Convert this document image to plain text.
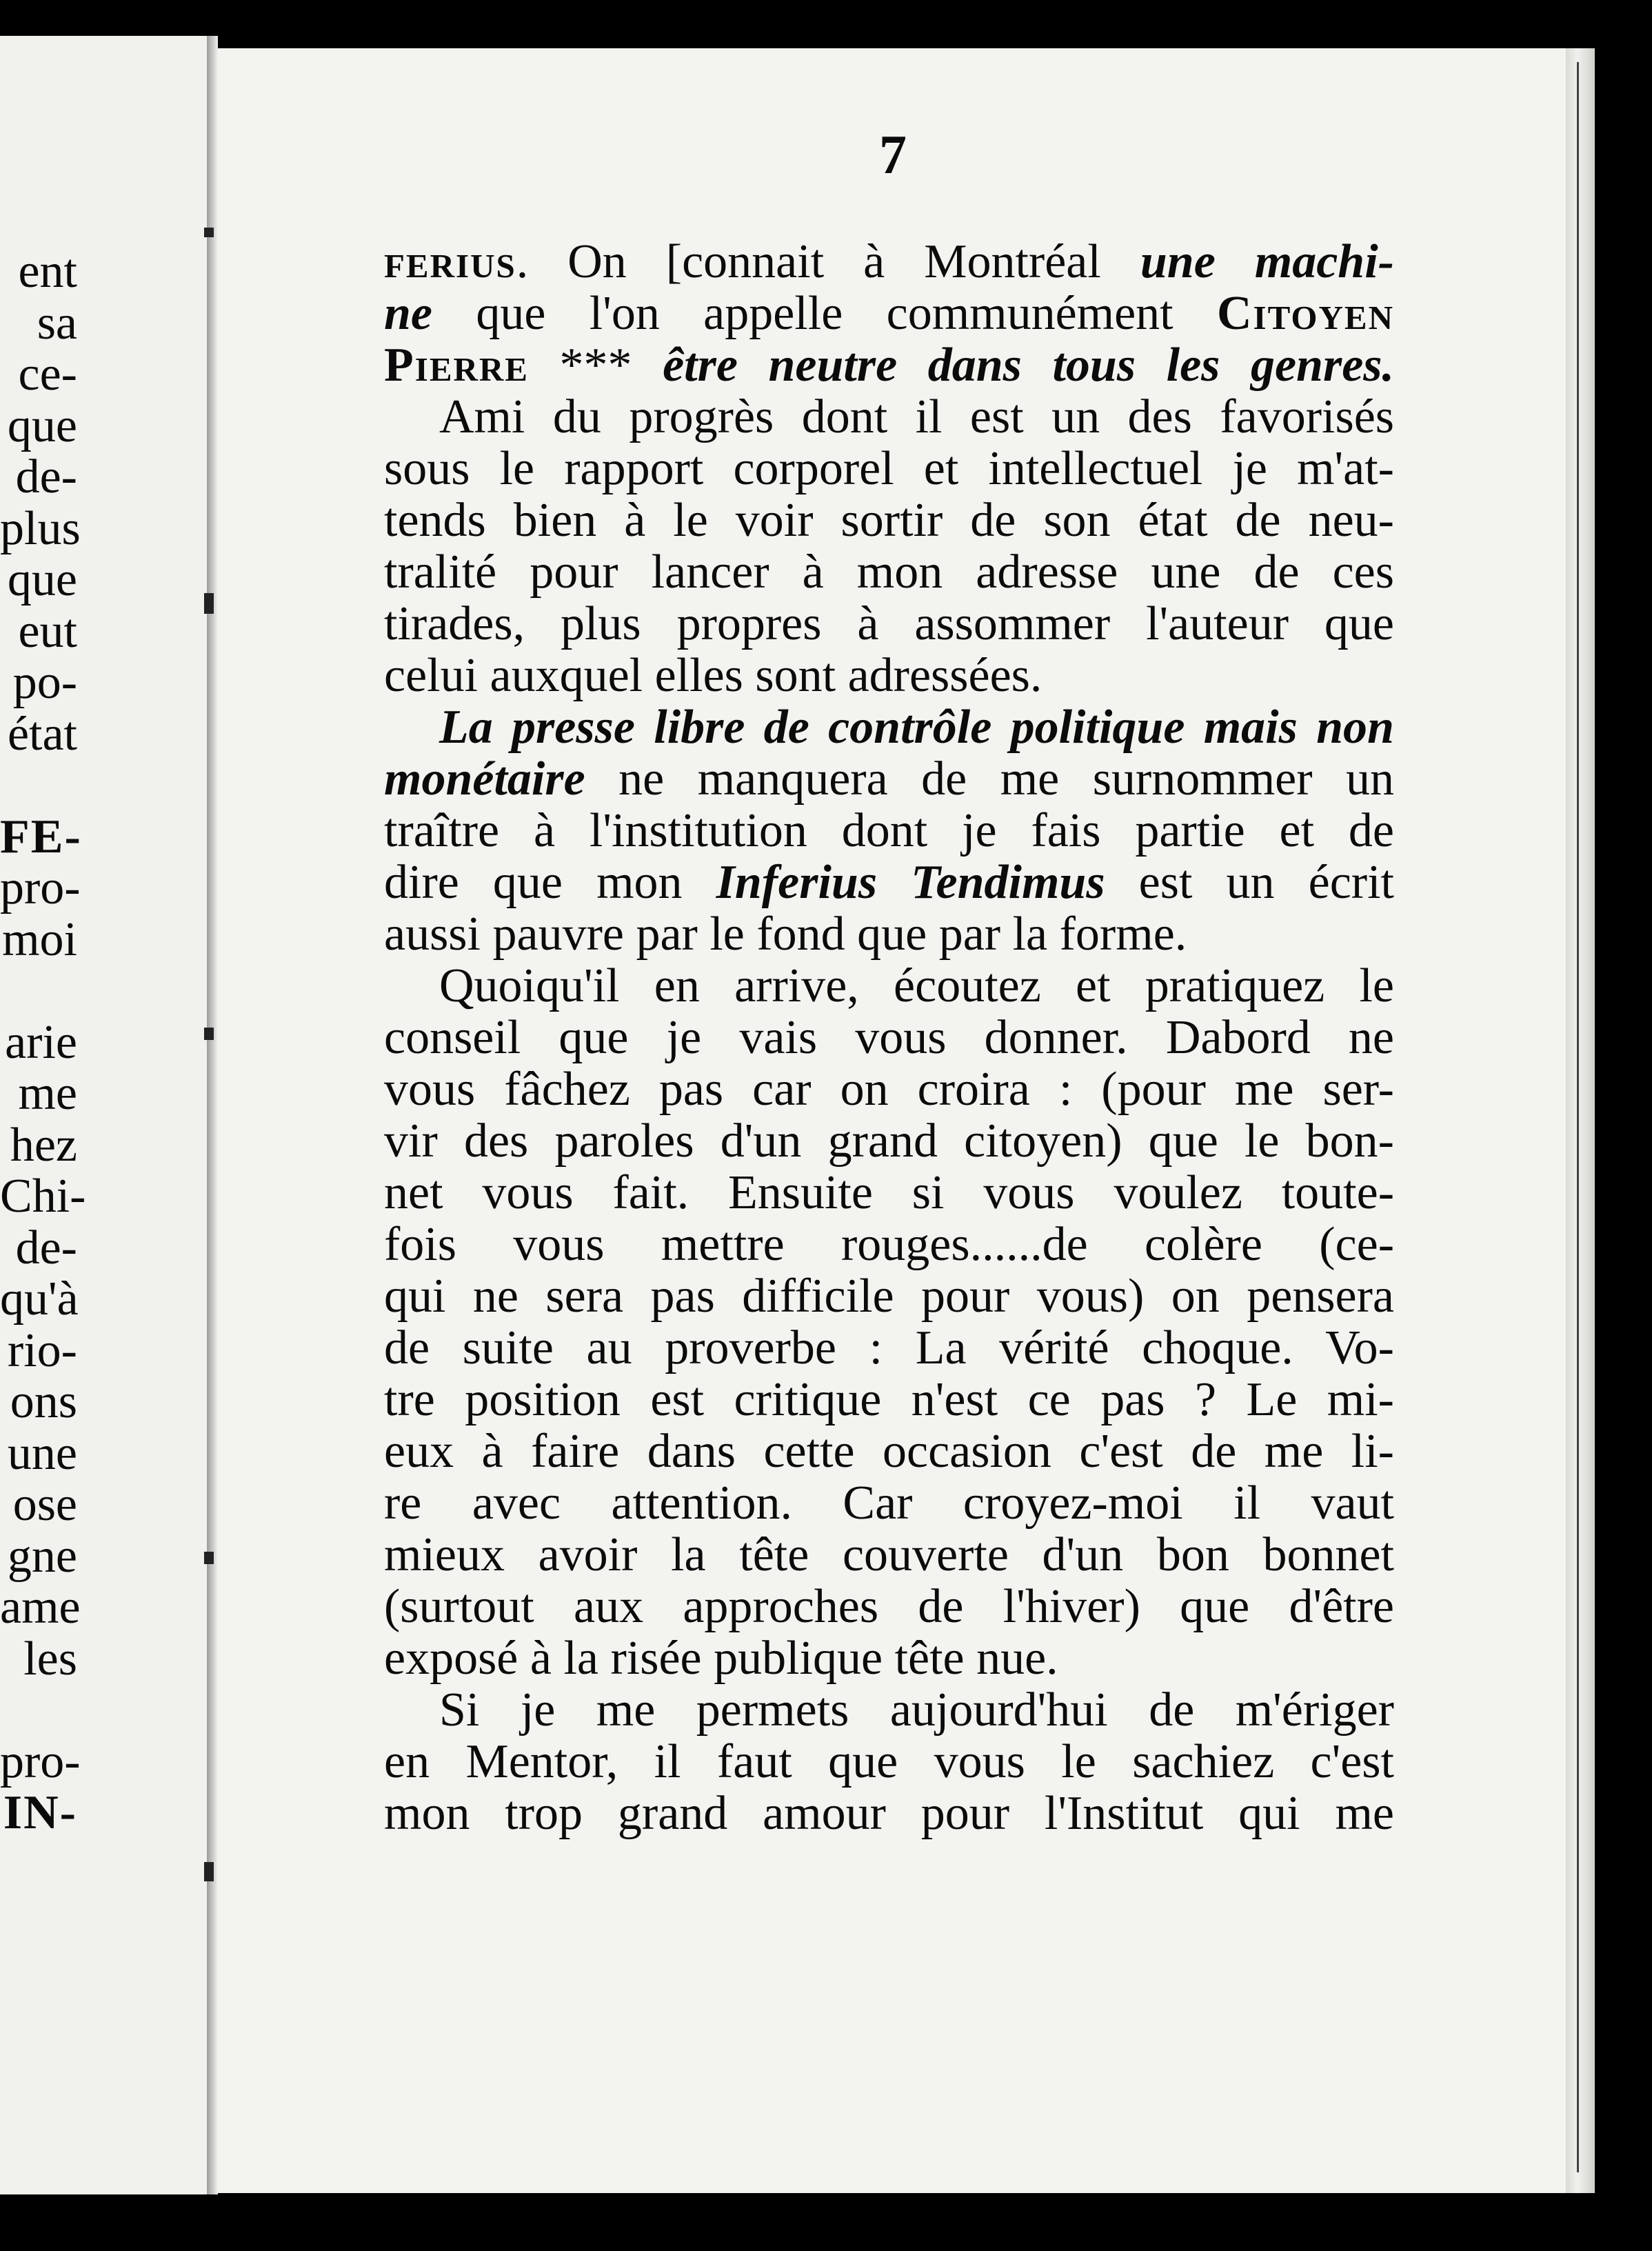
ent
sa
ce-
que
de-
plus
que
eut
po-
état
FE-
pro-
moi
arie
me
hez
Chi-
de-
qu'à
rio-
ons
une
ose
gne
ame
les
pro-
IN-
7
ferius. On [connait à Montréal une machi-
ne que l'on appelle communément Citoyen
Pierre *** être neutre dans tous les genres.
Ami du progrès dont il est un des favorisés
sous le rapport corporel et intellectuel je m'at-
tends bien à le voir sortir de son état de neu-
tralité pour lancer à mon adresse une de ces
tirades, plus propres à assommer l'auteur que
celui auxquel elles sont adressées.
La presse libre de contrôle politique mais non
monétaire ne manquera de me surnommer un
traître à l'institution dont je fais partie et de
dire que mon Inferius Tendimus est un écrit
aussi pauvre par le fond que par la forme.
Quoiqu'il en arrive, écoutez et pratiquez le
conseil que je vais vous donner. Dabord ne
vous fâchez pas car on croira : (pour me ser-
vir des paroles d'un grand citoyen) que le bon-
net vous fait. Ensuite si vous voulez toute-
fois vous mettre rouges......de colère (ce-
qui ne sera pas difficile pour vous) on pensera
de suite au proverbe : La vérité choque. Vo-
tre position est critique n'est ce pas ? Le mi-
eux à faire dans cette occasion c'est de me li-
re avec attention. Car croyez-moi il vaut
mieux avoir la tête couverte d'un bon bonnet
(surtout aux approches de l'hiver) que d'être
exposé à la risée publique tête nue.
Si je me permets aujourd'hui de m'ériger
en Mentor, il faut que vous le sachiez c'est
mon trop grand amour pour l'Institut qui me
